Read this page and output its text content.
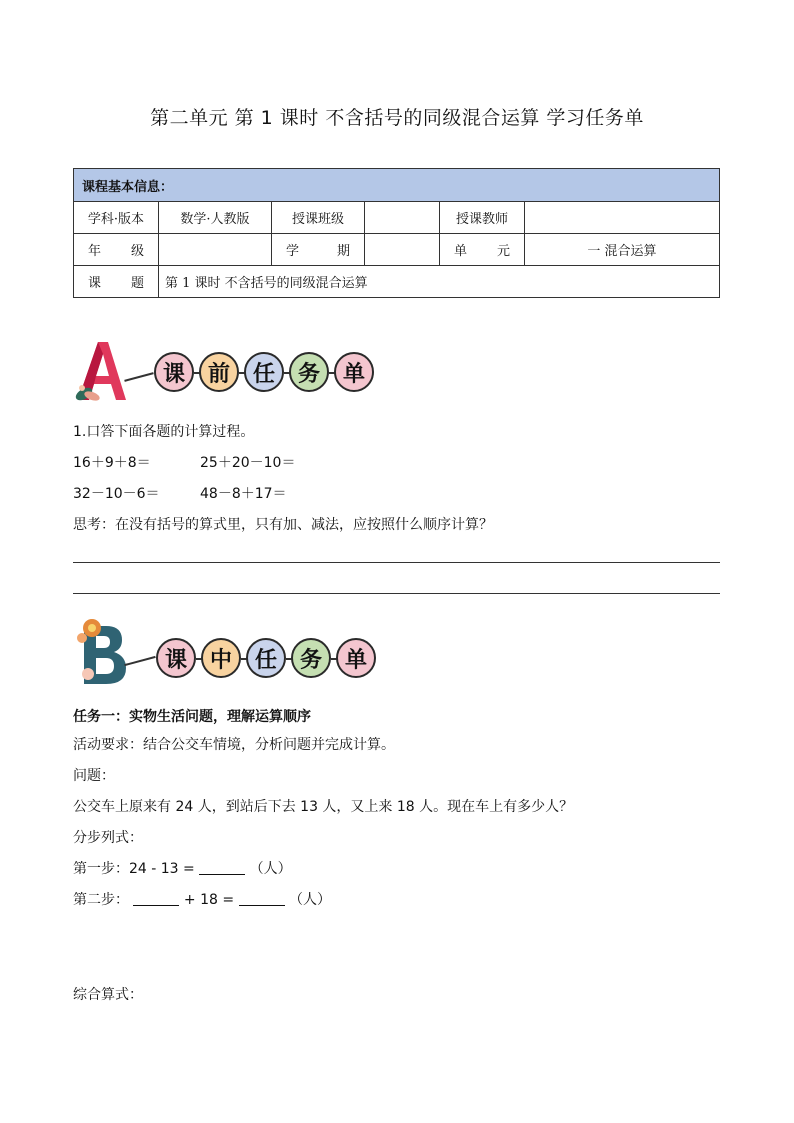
第二单元 第 1 课时 不含括号的同级混合运算 学习任务单
课程基本信息：					
学科·版本	数学·人教版	授课班级		授课教师	
年级		学期		单元	一 混合运算
课题	第 1 课时 不含括号的同级混合运算				
课	前	任	务	单
1.口答下面各题的计算过程。
16＋9＋8＝	25＋20－10＝
32－10－6＝	48－8＋17＝
思考：在没有括号的算式里，只有加、减法，应按照什么顺序计算？
课	中	任	务	单
任务一：实物生活问题，理解运算顺序
活动要求：结合公交车情境，分析问题并完成计算。
问题：
公交车上原来有 24 人，到站后下去 13 人，又上来 18 人。现在车上有多少人？
分步列式：
第一步：24 - 13 =	（人）
第二步：	+ 18 =	（人）
综合算式：
